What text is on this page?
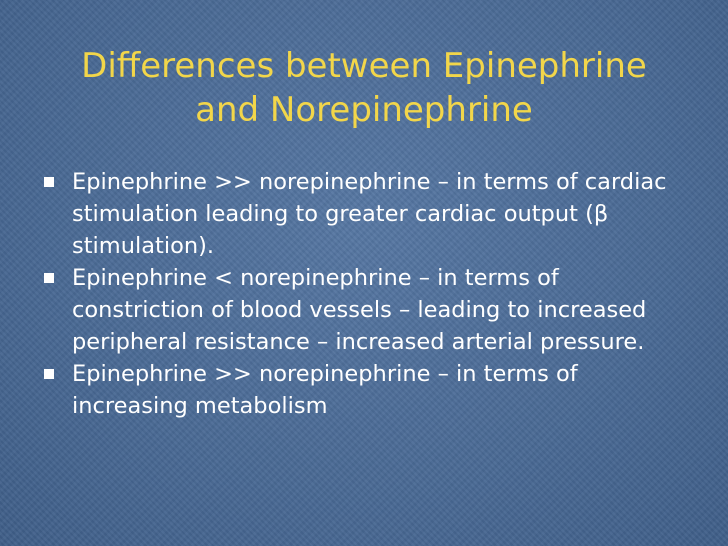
Differences between Epinephrine
and Norepinephrine
Epinephrine >> norepinephrine – in terms of cardiac stimulation leading to greater cardiac output (β stimulation).
Epinephrine < norepinephrine – in terms of constriction of blood vessels – leading to increased peripheral resistance – increased arterial pressure.
Epinephrine >> norepinephrine – in terms of increasing metabolism
